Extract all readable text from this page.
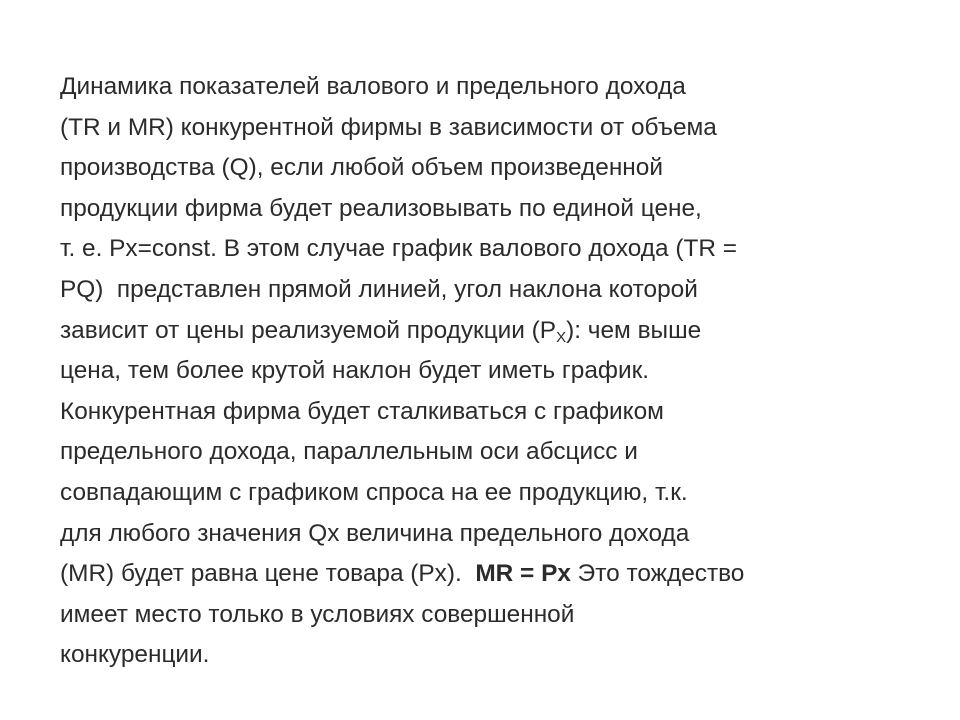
Динамика показателей валового и предельного дохода
(TR и MR) конкурентной фирмы в зависимости от объема
производства (Q), если любой объем произведенной
продукции фирма будет реализовывать по единой цене,
т. е. Px=const. В этом случае график валового дохода (TR =
PQ)  представлен прямой линией, угол наклона которой
зависит от цены реализуемой продукции $(P_X)$: чем выше
цена, тем более крутой наклон будет иметь график.
Конкурентная фирма будет сталкиваться с графиком
предельного дохода, параллельным оси абсцисс и
совпадающим с графиком спроса на ее продукцию, т.к.
для любого значения Qx величина предельного дохода
(MR) будет равна цене товара (Px).  MR = Px Это тождество
имеет место только в условиях совершенной
конкуренции.
